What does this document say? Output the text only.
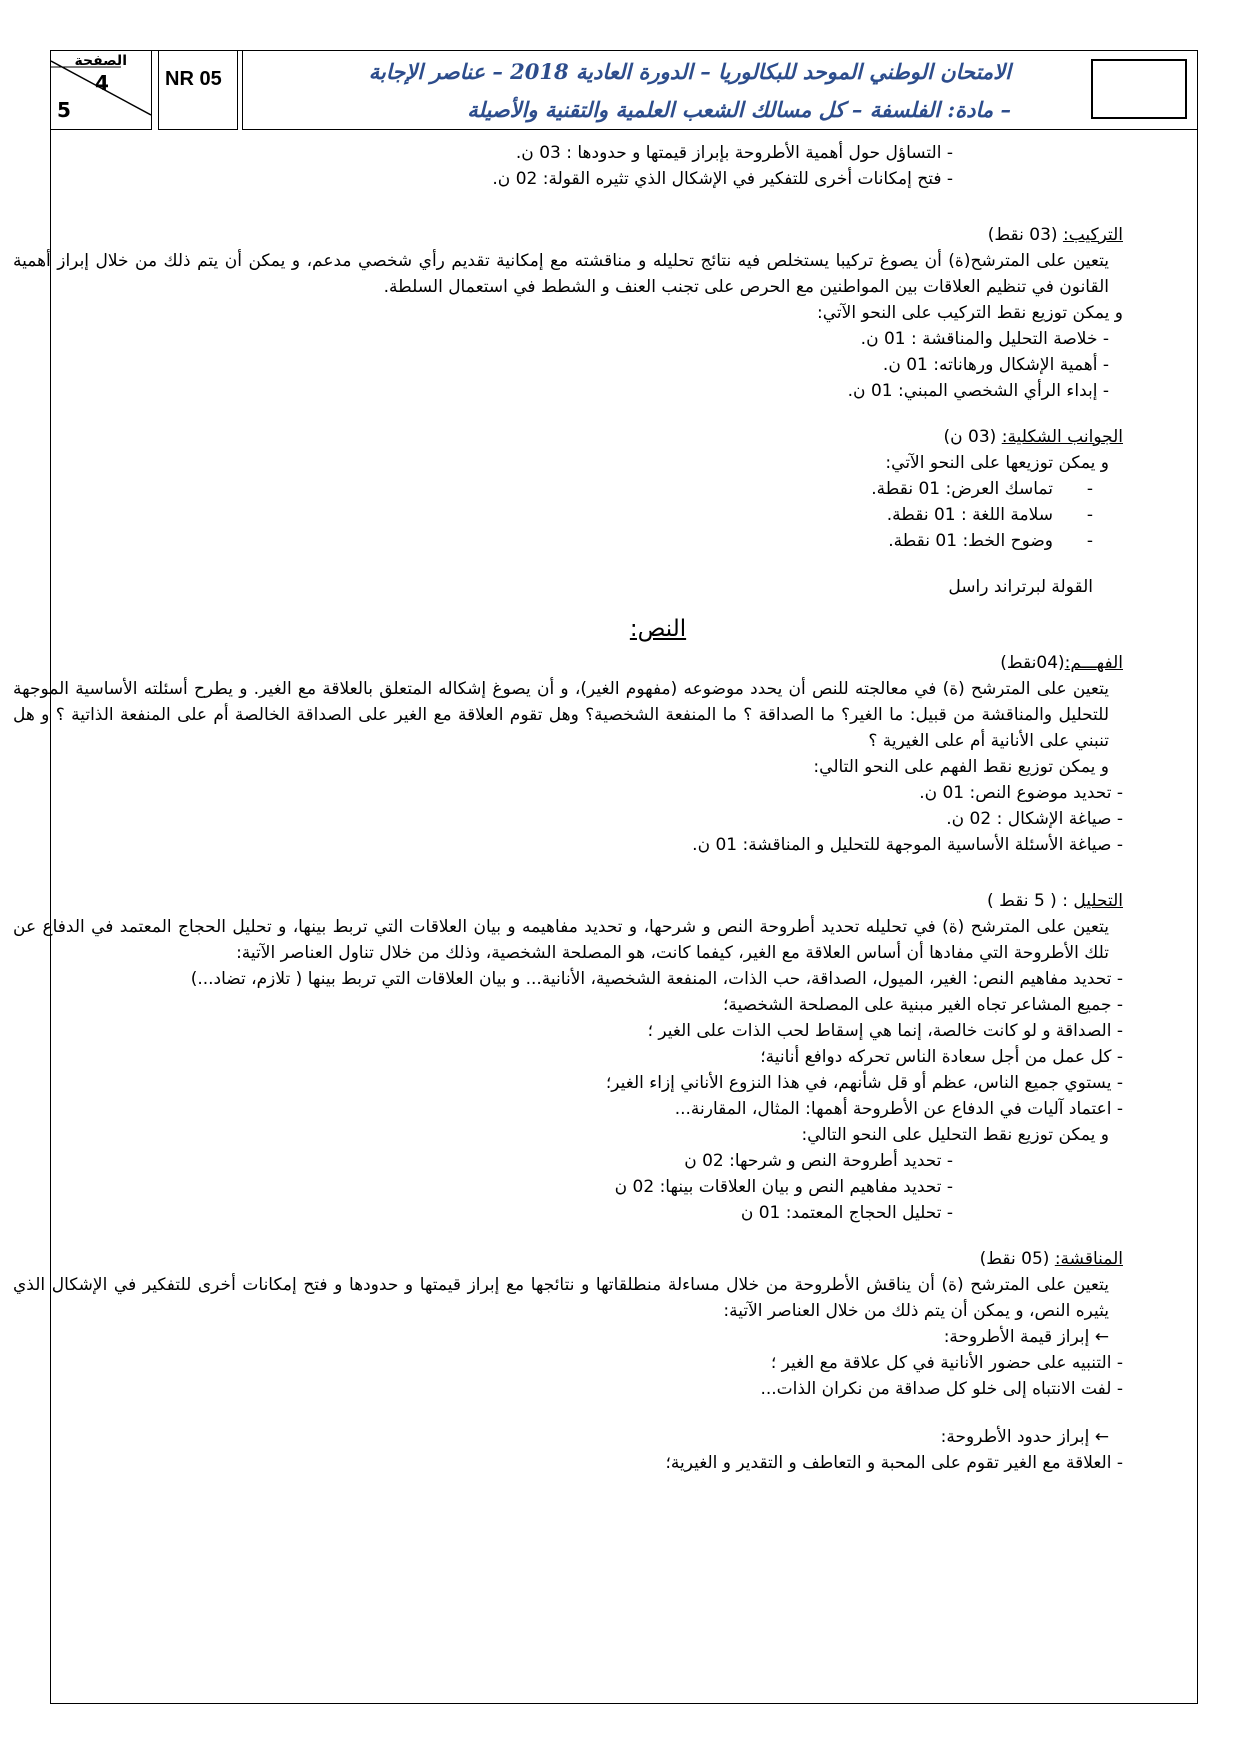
الصفحة
4
5
NR 05	الامتحان الوطني الموحد للبكالوريا – الدورة العادية 2018 – عناصر الإجابة
– مادة: الفلسفة – كل مسالك الشعب العلمية والتقنية والأصيلة

- التساؤل حول أهمية الأطروحة بإبراز قيمتها و حدودها : 03 ن.

- فتح إمكانات أخرى للتفكير في الإشكال الذي تثيره القولة: 02 ن.

التركيب: (03 نقط)

يتعين على المترشح(ة) أن يصوغ تركيبا يستخلص فيه نتائج تحليله و مناقشته مع إمكانية تقديم رأي شخصي مدعم، و يمكن أن يتم ذلك من خلال إبراز أهمية القانون في تنظيم العلاقات بين المواطنين مع الحرص على تجنب العنف و الشطط في استعمال السلطة.

و يمكن توزيع نقط التركيب على النحو الآتي:

- خلاصة التحليل والمناقشة : 01 ن.

- أهمية الإشكال ورهاناته: 01 ن.

- إبداء الرأي الشخصي المبني: 01 ن.

الجوانب الشكلية: (03 ن)

و يمكن توزيعها على النحو الآتي:

-تماسك العرض: 01 نقطة.

-سلامة اللغة : 01 نقطة.

-وضوح الخط: 01 نقطة.

القولة لبرتراند راسل

النص:

الفهـــم:(04نقط)

يتعين على المترشح (ة) في معالجته للنص أن يحدد موضوعه (مفهوم الغير)، و أن يصوغ إشكاله المتعلق بالعلاقة مع الغير. و يطرح أسئلته الأساسية الموجهة للتحليل والمناقشة من قبيل: ما الغير؟ ما الصداقة ؟ ما المنفعة الشخصية؟ وهل تقوم العلاقة مع الغير على الصداقة الخالصة أم على المنفعة الذاتية ؟ و هل تنبني على الأنانية أم على الغيرية ؟

و يمكن توزيع نقط الفهم على النحو التالي:

- تحديد موضوع النص: 01 ن.

- صياغة الإشكال : 02 ن.

- صياغة الأسئلة الأساسية الموجهة للتحليل و المناقشة: 01 ن.

التحليل : ( 5 نقط )

يتعين على المترشح (ة) في تحليله تحديد أطروحة النص و شرحها، و تحديد مفاهيمه و بيان العلاقات التي تربط بينها، و تحليل الحجاج المعتمد في الدفاع عن تلك الأطروحة التي مفادها أن أساس العلاقة مع الغير، كيفما كانت، هو المصلحة الشخصية، وذلك من خلال تناول العناصر الآتية:

- تحديد مفاهيم النص: الغير، الميول، الصداقة، حب الذات، المنفعة الشخصية، الأنانية... و بيان العلاقات التي تربط بينها ( تلازم، تضاد...)

- جميع المشاعر تجاه الغير مبنية على المصلحة الشخصية؛

- الصداقة و لو كانت خالصة، إنما هي إسقاط لحب الذات على الغير ؛

- كل عمل من أجل سعادة الناس تحركه دوافع أنانية؛

- يستوي جميع الناس، عظم أو قل شأنهم، في هذا النزوع الأناني إزاء الغير؛

- اعتماد آليات في الدفاع عن الأطروحة أهمها: المثال، المقارنة...

و يمكن توزيع نقط التحليل على النحو التالي:

- تحديد أطروحة النص و شرحها: 02 ن

- تحديد مفاهيم النص و بيان العلاقات بينها: 02 ن

- تحليل الحجاج المعتمد: 01 ن

المناقشة: (05 نقط)

يتعين على المترشح (ة) أن يناقش الأطروحة من خلال مساءلة منطلقاتها و نتائجها مع إبراز قيمتها و حدودها و فتح إمكانات أخرى للتفكير في الإشكال الذي يثيره النص، و يمكن أن يتم ذلك من خلال العناصر الآتية:

← إبراز قيمة الأطروحة:

- التنبيه على حضور الأنانية في كل علاقة مع الغير ؛

- لفت الانتباه إلى خلو كل صداقة من نكران الذات...

← إبراز حدود الأطروحة:

- العلاقة مع الغير تقوم على المحبة و التعاطف و التقدير و الغيرية؛
